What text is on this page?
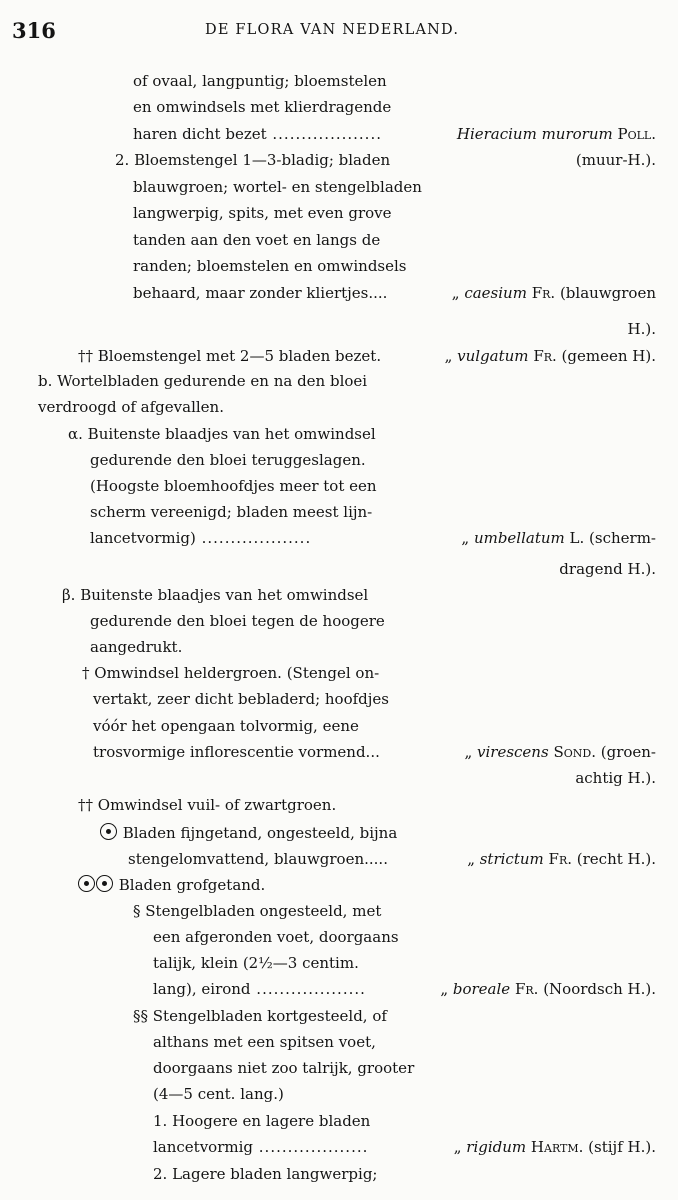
316	DE FLORA VAN NEDERLAND.
of ovaal, langpuntig; bloemstelen
en omwindsels met klierdragende
haren dicht bezet .....	Hieracium murorum Poll.
2. Bloemstengel 1—3-bladig; bladen	(muur-H.).
blauwgroen; wortel- en stengelbladen
langwerpig, spits, met even grove
tanden aan den voet en langs de
randen; bloemstelen en omwindsels
behaard, maar zonder kliertjes....	„ caesium Fr. (blauwgroen
H.).
†† Bloemstengel met 2—5 bladen bezet.	„ vulgatum Fr. (gemeen H).
b. Wortelbladen gedurende en na den bloei
verdroogd of afgevallen.
α. Buitenste blaadjes van het omwindsel
gedurende den bloei teruggeslagen.
(Hoogste bloemhoofdjes meer tot een
scherm vereenigd; bladen meest lijn-
lancetvormig) .....	„ umbellatum L. (scherm-
dragend H.).
β. Buitenste blaadjes van het omwindsel
gedurende den bloei tegen de hoogere
aangedrukt.
† Omwindsel heldergroen. (Stengel on-
vertakt, zeer dicht bebladerd; hoofdjes
vóór het opengaan tolvormig, eene
trosvormige inflorescentie vormend...	„ virescens Sond. (groen-
achtig H.).
†† Omwindsel vuil- of zwartgroen.
Bladen fijngetand, ongesteeld, bijna
stengelomvattend, blauwgroen.....	„ strictum Fr. (recht H.).
Bladen grofgetand.
§ Stengelbladen ongesteeld, met
een afgeronden voet, doorgaans
talijk, klein (2½—3 centim.
lang), eirond .....	„ boreale Fr. (Noordsch H.).
§§ Stengelbladen kortgesteeld, of
althans met een spitsen voet,
doorgaans niet zoo talrijk, grooter
(4—5 cent. lang.)
1. Hoogere en lagere bladen
lancetvormig .....	„ rigidum Hartm. (stijf H.).
2. Lagere bladen langwerpig;
